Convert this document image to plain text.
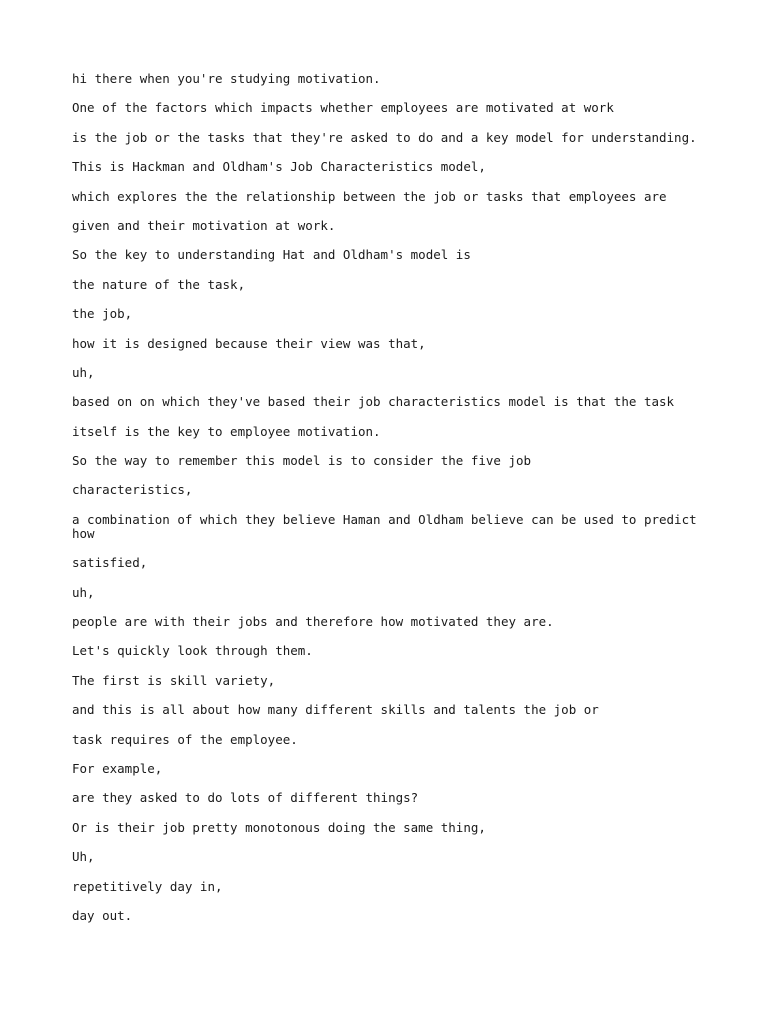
hi there when you're studying motivation.

One of the factors which impacts whether employees are motivated at work

is the job or the tasks that they're asked to do and a key model for understanding.

This is Hackman and Oldham's Job Characteristics model,

which explores the the relationship between the job or tasks that employees are

given and their motivation at work.

So the key to understanding Hat and Oldham's model is

the nature of the task,

the job,

how it is designed because their view was that,

uh,

based on on which they've based their job characteristics model is that the task

itself is the key to employee motivation.

So the way to remember this model is to consider the five job

characteristics,

a combination of which they believe Haman and Oldham believe can be used to predict how

satisfied,

uh,

people are with their jobs and therefore how motivated they are.

Let's quickly look through them.

The first is skill variety,

and this is all about how many different skills and talents the job or

task requires of the employee.

For example,

are they asked to do lots of different things?

Or is their job pretty monotonous doing the same thing,

Uh,

repetitively day in,

day out.
